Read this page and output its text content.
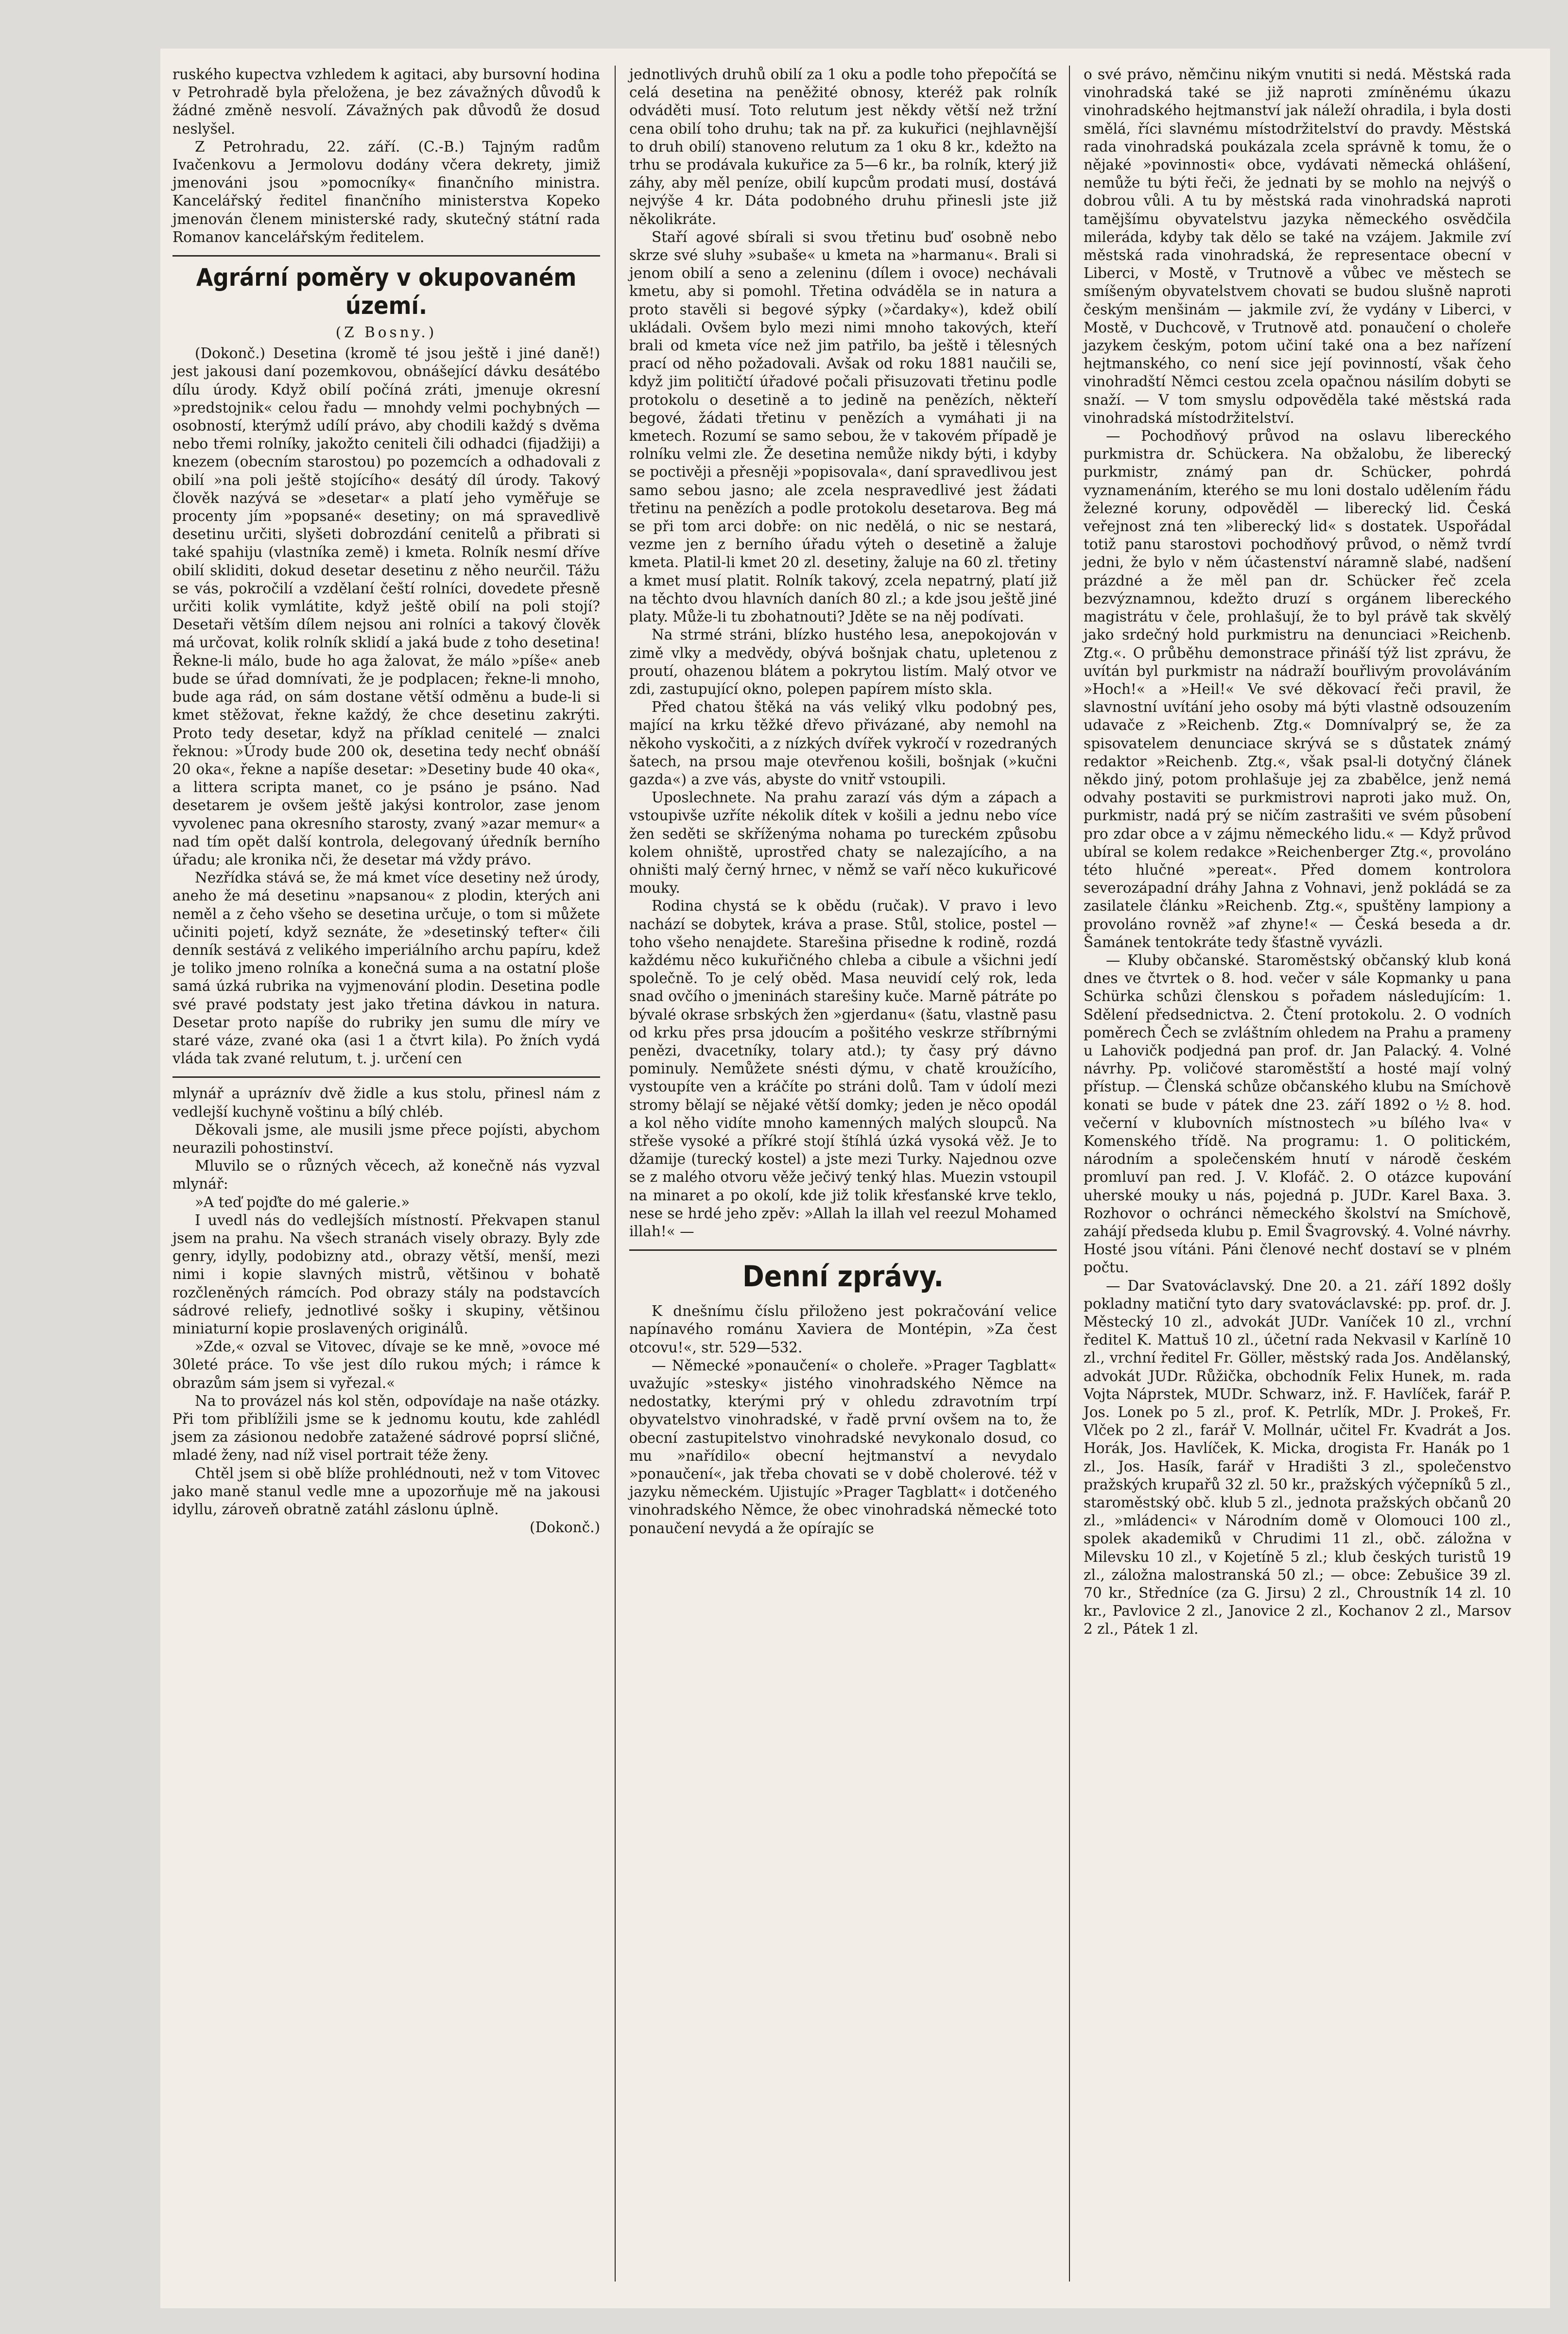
ruského kupectva vzhledem k agitaci, aby bursovní hodina v Petrohradě byla přeložena, je bez závažných důvodů k žádné změně nesvolí. Závažných pak důvodů že dosud neslyšel.

Z Petrohradu, 22. září. (C.-B.) Tajným radům Ivačenkovu a Jermolovu dodány včera dekrety, jimiž jmenováni jsou »pomocníky« finančního ministra. Kancelářský ředitel finančního ministerstva Kopeko jmenován členem ministerské rady, skutečný státní rada Romanov kancelářským ředitelem.

Agrární poměry v okupovaném území.
(Z Bosny.)

(Dokonč.) Desetina (kromě té jsou ještě i jiné daně!) jest jakousi daní pozemkovou, obnášející dávku desátébo dílu úrody. Když obilí počíná zráti, jmenuje okresní »predstojnik« celou řadu — mnohdy velmi pochybných — osobností, kterýmž udílí právo, aby chodili každý s dvěma nebo třemi rolníky, jakožto ceniteli čili odhadci (fijadžiji) a knezem (obecním starostou) po pozemcích a odhadovali z obilí »na poli ještě stojícího« desátý díl úrody. Takový člověk nazývá se »desetar« a platí jeho vyměřuje se procenty jím »popsané« desetiny; on má spravedlivě desetinu určiti, slyšeti dobrozdání cenitelů a přibrati si také spahiju (vlastníka země) i kmeta. Rolník nesmí dříve obilí skliditi, dokud desetar desetinu z něho neurčil. Tážu se vás, pokročilí a vzdělaní čeští rolníci, dovedete přesně určiti kolik vymlátite, když ještě obilí na poli stojí? Desetaři větším dílem nejsou ani rolníci a takový člověk má určovat, kolik rolník sklidí a jaká bude z toho desetina! Řekne-li málo, bude ho aga žalovat, že málo »píše« aneb bude se úřad domnívati, že je podplacen; řekne-li mnoho, bude aga rád, on sám dostane větší odměnu a bude-li si kmet stěžovat, řekne každý, že chce desetinu zakrýti. Proto tedy desetar, když na příklad cenitelé — znalci řeknou: »Úrody bude 200 ok, desetina tedy nechť obnáší 20 oka«, řekne a napíše desetar: »Desetiny bude 40 oka«, a littera scripta manet, co je psáno je psáno. Nad desetarem je ovšem ještě jakýsi kontrolor, zase jenom vyvolenec pana okresního starosty, zvaný »azar memur« a nad tím opět další kontrola, delegovaný úředník berního úřadu; ale kronika nči, že desetar má vždy právo.

Nezřídka stává se, že má kmet více desetiny než úrody, aneho že má desetinu »napsanou« z plodin, kterých ani neměl a z čeho všeho se desetina určuje, o tom si můžete učiniti pojetí, když seznáte, že »desetinský tefter« čili denník sestává z velikého imperiálního archu papíru, kdež je toliko jmeno rolníka a konečná suma a na ostatní ploše samá úzká rubrika na vyjmenování plodin. Desetina podle své pravé podstaty jest jako třetina dávkou in natura. Desetar proto napíše do rubriky jen sumu dle míry ve staré váze, zvané oka (asi 1 a čtvrt kila). Po žních vydá vláda tak zvané relutum, t. j. určení cen

mlynář a upráznív dvě židle a kus stolu, přinesl nám z vedlejší kuchyně voštinu a bílý chléb.

Děkovali jsme, ale musili jsme přece pojísti, abychom neurazili pohostinství.

Mluvilo se o různých věcech, až konečně nás vyzval mlynář:

»A teď pojďte do mé galerie.»

I uvedl nás do vedlejších místností. Překvapen stanul jsem na prahu. Na všech stranách visely obrazy. Byly zde genry, idylly, podobizny atd., obrazy větší, menší, mezi nimi i kopie slavných mistrů, většinou v bohatě rozčleněných rámcích. Pod obrazy stály na podstavcích sádrové reliefy, jednotlivé sošky i skupiny, většinou miniaturní kopie proslavených originálů.

»Zde,« ozval se Vitovec, dívaje se ke mně, »ovoce mé 30leté práce. To vše jest dílo rukou mých; i rámce k obrazům sám jsem si vyřezal.«

Na to provázel nás kol stěn, odpovídaje na naše otázky. Při tom přiblížili jsme se k jednomu koutu, kde zahlédl jsem za zásionou nedobře zatažené sádrové poprsí sličné, mladé ženy, nad níž visel portrait téže ženy.

Chtěl jsem si obě blíže prohlédnouti, než v tom Vitovec jako maně stanul vedle mne a upozorňuje mě na jakousi idyllu, zároveň obratně zatáhl záslonu úplně.

(Dokonč.)

jednotlivých druhů obilí za 1 oku a podle toho přepočítá se celá desetina na peněžité obnosy, kteréž pak rolník odváděti musí. Toto relutum jest někdy větší než tržní cena obilí toho druhu; tak na př. za kukuřici (nejhlavnější to druh obilí) stanoveno relutum za 1 oku 8 kr., kdežto na trhu se prodávala kukuřice za 5—6 kr., ba rolník, který již záhy, aby měl peníze, obilí kupcům prodati musí, dostává nejvýše 4 kr. Dáta podobného druhu přinesli jste již několikráte.

Staří agové sbírali si svou třetinu buď osobně nebo skrze své sluhy »subaše« u kmeta na »harmanu«. Brali si jenom obilí a seno a zeleninu (dílem i ovoce) nechávali kmetu, aby si pomohl. Třetina odváděla se in natura a proto stavěli si begové sýpky (»čardaky«), kdež obilí ukládali. Ovšem bylo mezi nimi mnoho takových, kteří brali od kmeta více než jim patřilo, ba ještě i tělesných prací od něho požadovali. Avšak od roku 1881 naučili se, když jim političtí úřadové počali přisuzovati třetinu podle protokolu o desetině a to jedině na penězích, někteří begové, žádati třetinu v penězích a vymáhati ji na kmetech. Rozumí se samo sebou, že v takovém případě je rolníku velmi zle. Že desetina nemůže nikdy býti, i kdyby se poctivěji a přesněji »popisovala«, daní spravedlivou jest samo sebou jasno; ale zcela nespravedlivé jest žádati třetinu na penězích a podle protokolu desetarova. Beg má se při tom arci dobře: on nic nedělá, o nic se nestará, vezme jen z berního úřadu výteh o desetině a žaluje kmeta. Platil-li kmet 20 zl. desetiny, žaluje na 60 zl. třetiny a kmet musí platit. Rolník takový, zcela nepatrný, platí již na těchto dvou hlavních daních 80 zl.; a kde jsou ještě jiné platy. Může-li tu zbohatnouti? Jděte se na něj podívati.

Na strmé stráni, blízko hustého lesa, anepokojován v zimě vlky a medvědy, obývá bošnjak chatu, upletenou z proutí, ohazenou blátem a pokrytou listím. Malý otvor ve zdi, zastupující okno, polepen papírem místo skla.

Před chatou štěká na vás veliký vlku podobný pes, mající na krku těžké dřevo přivázané, aby nemohl na někoho vyskočiti, a z nízkých dvířek vykročí v rozedraných šatech, na prsou maje otevřenou košili, bošnjak (»kučni gazda«) a zve vás, abyste do vnitř vstoupili.

Uposlechnete. Na prahu zarazí vás dým a zápach a vstoupivše uzříte nékolik dítek v košili a jednu nebo více žen seděti se skříženýma nohama po tureckém způsobu kolem ohniště, uprostřed chaty se nalezajícího, a na ohništi malý černý hrnec, v němž se vaří něco kukuřicové mouky.

Rodina chystá se k obědu (ručak). V pravo i levo nachází se dobytek, kráva a prase. Stůl, stolice, postel — toho všeho nenajdete. Starešina přisedne k rodině, rozdá každému něco kukuřičného chleba a cibule a všichni jedí společně. To je celý oběd. Masa neuvidí celý rok, leda snad ovčího o jmeninách starešiny kuče. Marně pátráte po bývalé okrase srbských žen »gjerdanu« (šatu, vlastně pasu od krku přes prsa jdoucím a pošitého veskrze stříbrnými penězi, dvacetníky, tolary atd.); ty časy prý dávno pominuly. Nemůžete snésti dýmu, v chatě kroužícího, vystoupíte ven a kráčíte po stráni dolů. Tam v údolí mezi stromy bělají se nějaké větší domky; jeden je něco opodál a kol něho vidíte mnoho kamenných malých sloupců. Na střeše vysoké a příkré stojí štíhlá úzká vysoká věž. Je to džamije (turecký kostel) a jste mezi Turky. Najednou ozve se z malého otvoru věže ječivý tenký hlas. Muezin vstoupil na minaret a po okolí, kde již tolik křesťanské krve teklo, nese se hrdé jeho zpěv: »Allah la illah vel reezul Mohamed illah!« —

Denní zprávy.

K dnešnímu číslu přiloženo jest pokračování velice napínavého románu Xaviera de Montépin, »Za čest otcovu!«, str. 529—532.

— Německé »ponaučení« o choleře. »Prager Tagblatt« uvažujíc »stesky« jistého vinohradského Němce na nedostatky, kterými prý v ohledu zdravotním trpí obyvatelstvo vinohradské, v řadě první ovšem na to, že obecní zastupitelstvo vinohradské nevykonalo dosud, co mu »nařídilo« obecní hejtmanství a nevydalo »ponaučení«, jak třeba chovati se v době cholerové. též v jazyku německém. Ujistujíc »Prager Tagblatt« i dotčeného vinohradského Němce, že obec vinohradská německé toto ponaučení nevydá a že opírajíc se

o své právo, němčinu nikým vnutiti si nedá. Městská rada vinohradská také se již naproti zmíněnému úkazu vinohradského hejtmanství jak náleží ohradila, i byla dosti smělá, říci slavnému místodržitelství do pravdy. Městská rada vinohradská poukázala zcela správně k tomu, že o nějaké »povinnosti« obce, vydávati německá ohlášení, nemůže tu býti řeči, že jednati by se mohlo na nejvýš o dobrou vůli. A tu by městská rada vinohradská naproti tamějšímu obyvatelstvu jazyka německého osvědčila mileráda, kdyby tak dělo se také na vzájem. Jakmile zví městská rada vinohradská, že representace obecní v Liberci, v Mostě, v Trutnově a vůbec ve městech se smíšeným obyvatelstvem chovati se budou slušně naproti českým menšinám — jakmile zví, že vydány v Liberci, v Mostě, v Duchcově, v Trutnově atd. ponaučení o choleře jazykem českým, potom učiní také ona a bez nařízení hejtmanského, co není sice její povinností, však čeho vinohradští Němci cestou zcela opačnou násilím dobyti se snaží. — V tom smyslu odpověděla také městská rada vinohradská místodržitelství.

— Pochodňový průvod na oslavu libereckého purkmistra dr. Schückera. Na obžalobu, že liberecký purkmistr, známý pan dr. Schücker, pohrdá vyznamenáním, kterého se mu loni dostalo udělením řádu železné koruny, odpověděl — liberecký lid. Česká veřejnost zná ten »liberecký lid« s dostatek. Uspořádal totiž panu starostovi pochodňový průvod, o němž tvrdí jedni, že bylo v něm účastenství náramně slabé, nadšení prázdné a že měl pan dr. Schücker řeč zcela bezvýznamnou, kdežto druzí s orgánem libereckého magistrátu v čele, prohlašují, že to byl právě tak skvělý jako srdečný hold purkmistru na denunciaci »Reichenb. Ztg.«. O průběhu demonstrace přináší týž list zprávu, že uvítán byl purkmistr na nádraží bouřlivým provoláváním »Hoch!« a »Heil!« Ve své děkovací řeči pravil, že slavnostní uvítání jeho osoby má býti vlastně odsouzením udavače z »Reichenb. Ztg.« Domnívalprý se, že za spisovatelem denunciace skrývá se s důstatek známý redaktor »Reichenb. Ztg.«, však psal-li dotyčný článek někdo jiný, potom prohlašuje jej za zbabělce, jenž nemá odvahy postaviti se purkmistrovi naproti jako muž. On, purkmistr, nadá prý se ničím zastrašiti ve svém působení pro zdar obce a v zájmu německého lidu.« — Když průvod ubíral se kolem redakce »Reichenberger Ztg.«, provoláno této hlučné »pereat«. Před domem kontrolora severozápadní dráhy Jahna z Vohnavi, jenž pokládá se za zasilatele článku »Reichenb. Ztg.«, spuštěny lampiony a provoláno rovněž »af zhyne!« — Česká beseda a dr. Šamánek tentokráte tedy šťastně vyvázli.

— Kluby občanské. Staroměstský občanský klub koná dnes ve čtvrtek o 8. hod. večer v sále Kopmanky u pana Schürka schůzi členskou s pořadem následujícím: 1. Sdělení předsednictva. 2. Čtení protokolu. 2. O vodních poměrech Čech se zvláštním ohledem na Prahu a prameny u Lahovičk podjedná pan prof. dr. Jan Palacký. 4. Volné návrhy. Pp. voličové staroměstští a hosté mají volný přístup. — Členská schůze občanského klubu na Smíchově konati se bude v pátek dne 23. září 1892 o ½ 8. hod. večerní v klubovních místnostech »u bílého lva« v Komenského třídě. Na programu: 1. O politickém, národním a společenském hnutí v národě českém promluví pan red. J. V. Klofáč. 2. O otázce kupování uherské mouky u nás, pojedná p. JUDr. Karel Baxa. 3. Rozhovor o ochránci německého školství na Smíchově, zahájí předseda klubu p. Emil Švagrovský. 4. Volné návrhy. Hosté jsou vítáni. Páni členové nechť dostaví se v plném počtu.

— Dar Svatováclavský. Dne 20. a 21. září 1892 došly pokladny matiční tyto dary svatováclavské: pp. prof. dr. J. Městecký 10 zl., advokát JUDr. Vaníček 10 zl., vrchní ředitel K. Mattuš 10 zl., účetní rada Nekvasil v Karlíně 10 zl., vrchní ředitel Fr. Göller, městský rada Jos. Andělanský, advokát JUDr. Růžička, obchodník Felix Hunek, m. rada Vojta Náprstek, MUDr. Schwarz, inž. F. Havlíček, farář P. Jos. Lonek po 5 zl., prof. K. Petrlík, MDr. J. Prokeš, Fr. Vlček po 2 zl., farář V. Mollnár, učitel Fr. Kvadrát a Jos. Horák, Jos. Havlíček, K. Micka, drogista Fr. Hanák po 1 zl., Jos. Hasík, farář v Hradišti 3 zl., společenstvo pražských krupařů 32 zl. 50 kr., pražských výčepníků 5 zl., staroměstský obč. klub 5 zl., jednota pražských občanů 20 zl., »mládenci« v Národním domě v Olomouci 100 zl., spolek akademiků v Chrudimi 11 zl., obč. záložna v Milevsku 10 zl., v Kojetíně 5 zl.; klub českých turistů 19 zl., záložna malostranská 50 zl.; — obce: Zebušice 39 zl. 70 kr., Středníce (za G. Jirsu) 2 zl., Chroustník 14 zl. 10 kr., Pavlovice 2 zl., Janovice 2 zl., Kochanov 2 zl., Marsov 2 zl., Pátek 1 zl.
